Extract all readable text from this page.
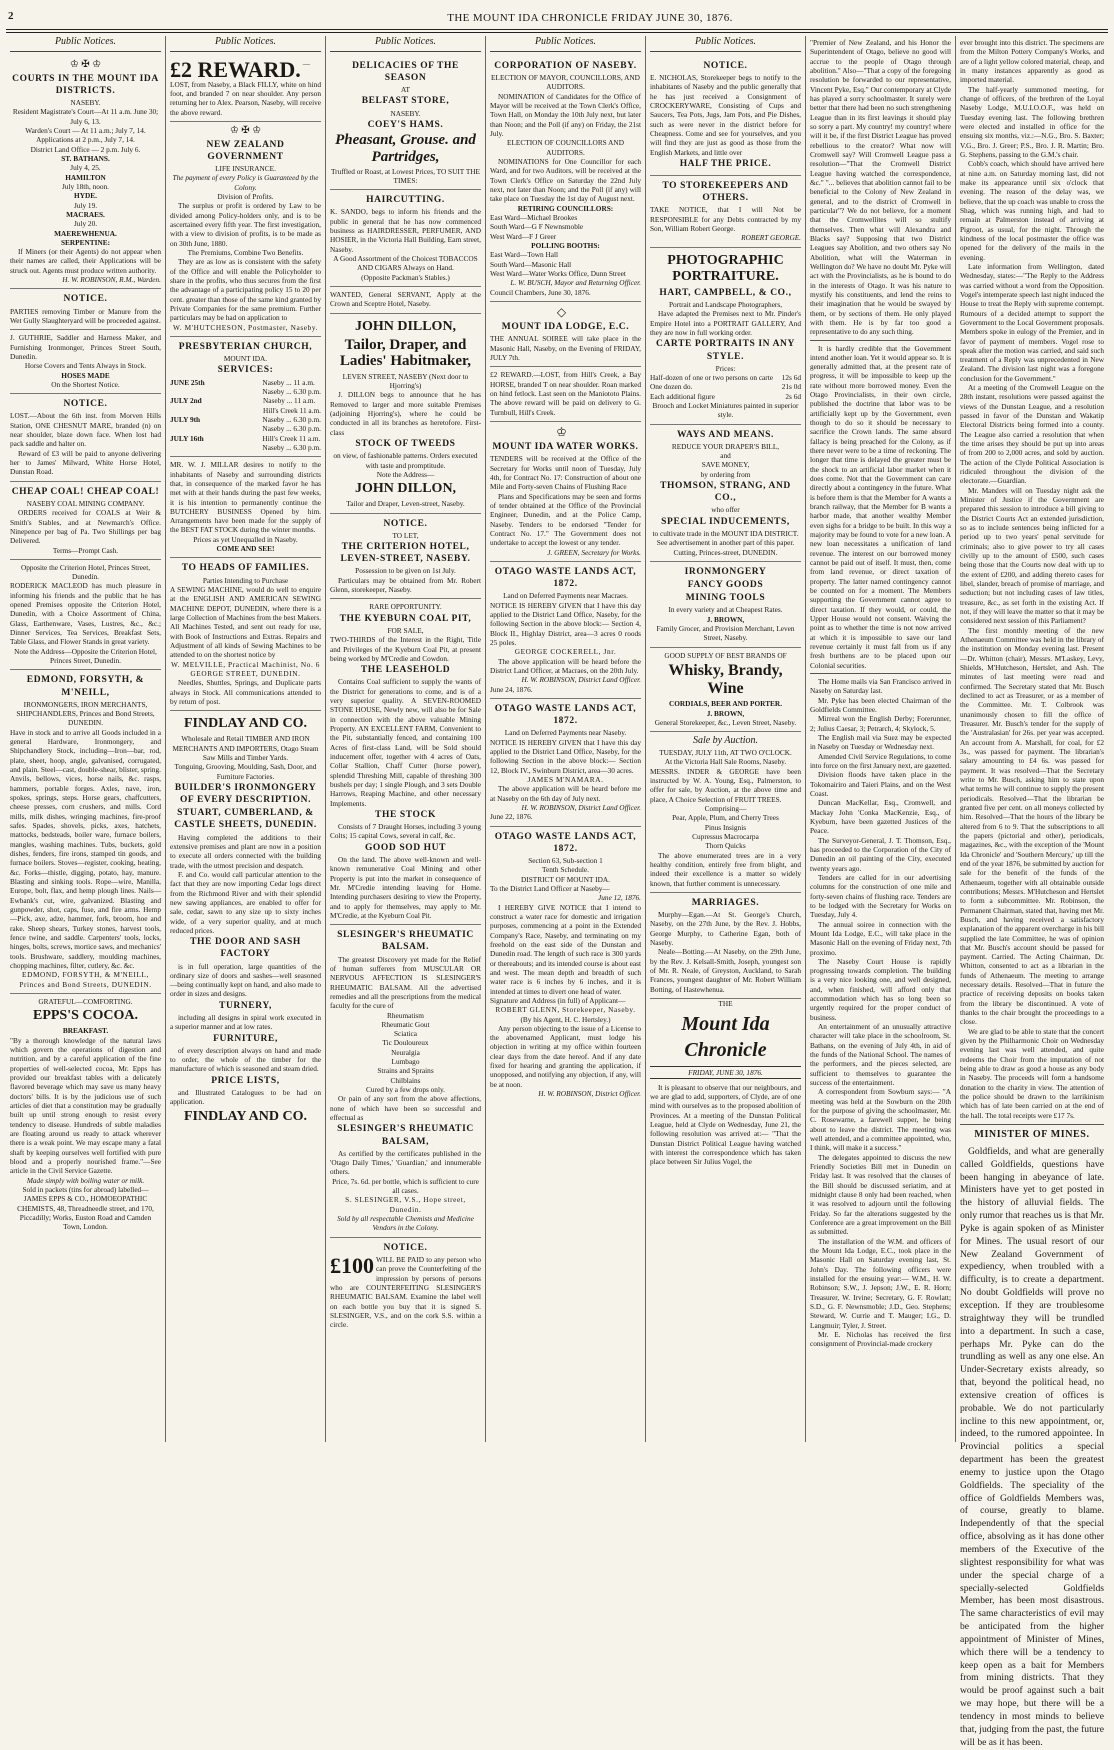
2	THE MOUNT IDA CHRONICLE FRIDAY JUNE 30, 1876.
Public Notices.
♔ ✠ ♔
COURTS IN THE MOUNT IDA DISTRICTS.
NASEBY.
Resident Magistrate's Court—At 11 a.m. June 30; July 6, 13.
Warden's Court — At 11 a.m.; July 7, 14.
Applications at 2 p.m., July 7, 14.
District Land Office — 2 p.m. July 6.
ST. BATHANS.
July 4, 25.
HAMILTON
July 18th, noon.
HYDE.
July 19.
MACRAES.
July 20.
MAEREWHENUA.
SERPENTINE:

If Miners (or their Agents) do not appear when their names are called, their Applications will be struck out. Agents must produce written authority.

H. W. ROBINSON, R.M., Warden.
NOTICE.

PARTIES removing Timber or Manure from the Wet Gully Slaughteryard will be proceeded against.

J. GUTHRIE, Saddler and Harness Maker, and Furnishing Ironmonger, Princes Street South, Dunedin.

Horse Covers and Tents Always in Stock.
HOSES MADE
On the Shortest Notice.
NOTICE.

LOST.—About the 6th inst. from Morven Hills Station, ONE CHESNUT MARE, branded (n) on near shoulder, blaze down face. When lost had pack saddle and halter on.

Reward of £3 will be paid to anyone delivering her to James' Milward, White Horse Hotel, Dunstan Road.

CHEAP COAL! CHEAP COAL!
NASEBY COAL MINING COMPANY.

ORDERS received for COALS at Weir & Smith's Stables, and at Newmarch's Office. Ninepence per bag of Pa. Two Shillings per bag Delivered.

Terms—Prompt Cash.
Opposite the Criterion Hotel, Princes Street, Dunedin.

RODERICK MACLEOD has much pleasure in informing his friends and the public that he has opened Premises opposite the Criterion Hotel, Dunedin, with a Choice Assortment of China, Glass, Earthenware, Vases, Lustres, &c., &c.; Dinner Services, Tea Services, Breakfast Sets, Table Glass, and Flower Stands in great variety.

Note the Address—Opposite the Criterion Hotel, Princes Street, Dunedin.
EDMOND, FORSYTH, & M'NEILL,
IRONMONGERS, IRON MERCHANTS, SHIPCHANDLERS, Princes and Bond Streets, DUNEDIN.

Have in stock and to arrive all Goods included in a general Hardware, Ironmongery, and Shipchandlery Stock, including—Iron—bar, rod, plate, sheet, hoop, angle, galvanised, corrugated, and plain. Steel—cast, double-shear, blister, spring. Anvils, bellows, vices, horse nails, &c. rasps, hammers, portable forges. Axles, nave, iron, spokes, springs, steps. Horse gears, chaffcutters, cheese presses, corn crushers, and mills. Cord mills, milk dishes, wringing machines, fire-proof safes. Spades, shovels, picks, axes, hatchets, mattocks, bedsteads, boiler ware, furnace boilers, mangles, washing machines. Tubs, buckets, gold dishes, fenders, fire irons, stamped tin goods, and furnace boilers. Stoves—register, cooking, heating, &c. Forks—thistle, digging, potato, hay, manure. Blasting and sinking tools. Rope—wire, Manilla, Europe, bolt, flax, and hemp plough lines. Nails—Ewbank's cut, wire, galvanized. Blasting and gunpowder, shot, caps, fuse, and fire arms. Hemp—Pick, axe, adze, hammer, fork, broom, hoe and rake. Sheep shears, Turkey stones, harvest tools, fence twine, and saddle. Carpenters' tools, locks, hinges, bolts, screws, mortice saws, and mechanics' tools. Brushware, saddlery, moulding machines, chopping machines, filter, cutlery, &c. &c.

EDMOND, FORSYTH, & M'NEILL, Princes and Bond Streets, DUNEDIN.
GRATEFUL—COMFORTING.
EPPS'S COCOA.
BREAKFAST.

"By a thorough knowledge of the natural laws which govern the operations of digestion and nutrition, and by a careful application of the fine properties of well-selected cocoa, Mr. Epps has provided our breakfast tables with a delicately flavored beverage which may save us many heavy doctors' bills. It is by the judicious use of such articles of diet that a constitution may be gradually built up until strong enough to resist every tendency to disease. Hundreds of subtle maladies are floating around us ready to attack wherever there is a weak point. We may escape many a fatal shaft by keeping ourselves well fortified with pure blood and a properly nourished frame."—See article in the Civil Service Gazette.

Made simply with boiling water or milk.
Sold in packets (tins for abroad) labelled—
JAMES EPPS & CO., HOMOEOPATHIC CHEMISTS, 48, Threadneedle street, and 170, Piccadilly; Works, Euston Road and Camden Town, London.
Public Notices.
£2 REWARD. — LOST, from Naseby, a Black FILLY, white on hind foot, and branded 7 on near shoulder. Any person returning her to Alex. Pearson, Naseby, will receive the above reward.

♔ ✠ ♔
NEW ZEALAND GOVERNMENT
LIFE INSURANCE.
The payment of every Policy is Guaranteed by the Colony.
Division of Profits.

The surplus or profit is ordered by Law to be divided among Policy-holders only, and is to be ascertained every fifth year. The first investigation, with a view to division of profits, is to be made as on 30th June, 1880.

The Premiums, Combine Two Benefits.

They are as low as is consistent with the safety of the Office and will enable the Policyholder to share in the profits, who thus secures from the first the advantage of a participating policy 15 to 20 per cent. greater than those of the same kind granted by Private Companies for the same premium. Further particulars may be had on application to

W. M'HUTCHESON, Postmaster, Naseby.
PRESBYTERIAN CHURCH,
MOUNT IDA.
SERVICES:
JUNE 25th	Naseby ... 11 a.m.
Naseby ... 6.30 p.m.
JULY 2nd	Naseby ... 11 a.m.
Hill's Creek 11 a.m.
JULY 9th	Naseby ... 6.30 p.m.
Naseby ... 6.30 p.m.
JULY 16th	Hill's Creek 11 a.m.
Naseby ... 6.30 p.m.

MR. W. J. MILLAR desires to notify to the inhabitants of Naseby and surrounding districts that, in consequence of the marked favor he has met with at their hands during the past few weeks, it is his intention to permanently continue the BUTCHERY BUSINESS Opened by him. Arrangements have been made for the supply of the BEST FAT STOCK during the winter months.

Prices as yet Unequalled in Naseby.
COME AND SEE!
TO HEADS OF FAMILIES.
Parties Intending to Purchase

A SEWING MACHINE, would do well to enquire at the ENGLISH AND AMERICAN SEWING MACHINE DEPOT, DUNEDIN, where there is a large Collection of Machines from the best Makers. All Machines Tested, and sent out ready for use, with Book of Instructions and Extras. Repairs and Adjustment of all kinds of Sewing Machines to be attended to on the shortest notice by

W. MELVILLE, Practical Machinist, No. 6 GEORGE STREET, DUNEDIN.

Needles, Shuttles, Springs, and Duplicate parts always in Stock. All communications attended to by return of post.

FINDLAY AND CO.
Wholesale and Retail TIMBER AND IRON MERCHANTS AND IMPORTERS, Otago Steam Saw Mills and Timber Yards.
Tonguing, Grooving, Moulding, Sash, Door, and Furniture Factories.
BUILDER'S IRONMONGERY OF EVERY DESCRIPTION.
STUART, CUMBERLAND, & CASTLE SHEETS, DUNEDIN.

Having completed the additions to their extensive premises and plant are now in a position to execute all orders connected with the building trade, with the utmost precision and despatch.

F. and Co. would call particular attention to the fact that they are now importing Cedar logs direct from the Richmond River and with their splendid new sawing appliances, are enabled to offer for sale, cedar, sawn to any size up to sixty inches wide, of a very superior quality, and at much reduced prices.

THE DOOR AND SASH FACTORY

is in full operation, large quantities of the ordinary size of doors and sashes—well seasoned—being continually kept on hand, and also made to order in sizes and designs.

TURNERY,

including all designs in spiral work executed in a superior manner and at low rates.

FURNITURE,

of every description always on hand and made to order, the whole of the timber for the manufacture of which is seasoned and steam dried.

PRICE LISTS,

and Illustrated Catalogues to be had on application.

FINDLAY AND CO.
Public Notices.
DELICACIES OF THE SEASON
AT
BELFAST STORE,
NASEBY.
COEY'S HAMS.
Pheasant, Grouse. and Partridges,
Truffled or Roast, at Lowest Prices, TO SUIT THE TIMES:
HAIRCUTTING.

K. SANDO, begs to inform his friends and the public in general that he has now commenced business as HAIRDRESSER, PERFUMER, AND HOSIER, in the Victoria Hall Building, Earn street, Naseby.

A Good Assortment of the Choicest TOBACCOS AND CIGARS Always on Hand.
(Opposite Packman's Stables.)

WANTED, General SERVANT, Apply at the Crown and Sceptre Hotel, Naseby.

JOHN DILLON,
Tailor, Draper, and Ladies' Habitmaker,
LEVEN STREET, NASEBY (Next door to Hjorring's)

J. DILLON begs to announce that he has Removed to larger and more suitable Premises (adjoining Hjorring's), where he could be conducted in all its branches as heretofore. First-class

STOCK OF TWEEDS
on view, of fashionable patterns. Orders executed with taste and promptitude.
Note the Address—
JOHN DILLON,
Tailor and Draper, Leven-street, Naseby.
NOTICE.
TO LET,
THE CRITERION HOTEL, LEVEN-STREET, NASEBY.
Possession to be given on 1st July.

Particulars may be obtained from Mr. Robert Glenn, storekeeper, Naseby.

RARE OPPORTUNITY.
THE KYEBURN COAL PIT,
FOR SALE,

TWO-THIRDS of the Interest in the Right, Title and Privileges of the Kyeburn Coal Pit, at present being worked by M'Credie and Cowdon.

THE LEASEHOLD

Contains Coal sufficient to supply the wants of the District for generations to come, and is of a very superior quality. A SEVEN-ROOMED STONE HOUSE, Newly new, will also be for Sale in connection with the above valuable Mining Property. AN EXCELLENT FARM, Convenient to the Pit, substantially fenced, and containing 100 Acres of first-class Land, will be Sold should inducement offer, together with 4 acres of Oats, Collar Stallion, Chaff Cutter (horse power), splendid Threshing Mill, capable of threshing 300 bushels per day; 1 single Plough, and 3 sets Double Harrows, Reaping Machine, and other necessary Implements.

THE STOCK

Consists of 7 Draught Horses, including 3 young Colts; 15 capital Cows, several in calf, &c.

GOOD SOD HUT

On the land. The above well-known and well-known remunerative Coal Mining and other Property is put into the market in consequence of Mr. M'Credie intending leaving for Home. Intending purchasers desiring to view the Property, and to apply for themselves, may apply to Mr. M'Credie, at the Kyeburn Coal Pit.

SLESINGER'S RHEUMATIC BALSAM.

The greatest Discovery yet made for the Relief of human sufferers from MUSCULAR OR NERVOUS AFFECTION IS SLESINGER'S RHEUMATIC BALSAM. All the advertised remedies and all the prescriptions from the medical faculty for the cure of

Rheumatism
Rheumatic Gout
Sciatica
Tic Douloureux
Neuralgia
Lumbago
Strains and Sprains
Chilblains
Cured by a few drops only.

Or pain of any sort from the above affections, none of which have been so successful and effectual as

SLESINGER'S RHEUMATIC BALSAM,

As certified by the certificates published in the 'Otago Daily Times,' 'Guardian,' and innumerable others.

Price, 7s. 6d. per bottle, which is sufficient to cure all cases.
S. SLESINGER, V.S., Hope street, Dunedin.
Sold by all respectable Chemists and Medicine Vendors in the Colony.
NOTICE.
£100 WILL BE PAID to any person who can prove the Counterfeiting of the impression by persons of persons who are COUNTERFEITING SLESINGER'S RHEUMATIC BALSAM. Examine the label well on each bottle you buy that it is signed S. SLESINGER, V.S., and on the cork S.S. within a circle.

Public Notices.
CORPORATION OF NASEBY.
ELECTION OF MAYOR, COUNCILLORS, AND AUDITORS.

NOMINATION of Candidates for the Office of Mayor will be received at the Town Clerk's Office, Town Hall, on Monday the 10th July next, but later than Noon; and the Poll (if any) on Friday, the 21st July.

ELECTION OF COUNCILLORS AND AUDITORS.

NOMINATIONS for One Councillor for each Ward, and for two Auditors, will be received at the Town Clerk's Office on Saturday the 22nd July next, not later than Noon; and the Poll (if any) will take place on Tuesday the 1st day of August next.

RETIRING COUNCILLORS:
East Ward—Michael Brookes
South Ward—G F Newnsmoble
West Ward—F J Greer
POLLING BOOTHS:
East Ward—Town Hall
South Ward—Masonic Hall
West Ward—Water Works Office, Dunn Street
L. W. BUSCH, Mayor and Returning Officer.
Council Chambers, June 30, 1876.
◇
MOUNT IDA LODGE, E.C.

THE ANNUAL SOIREE will take place in the Masonic Hall, Naseby, on the Evening of FRIDAY, JULY 7th.

£2 REWARD.—LOST, from Hill's Creek, a Bay HORSE, branded T on near shoulder. Roan marked on hind fetlock. Last seen on the Maniototo Plains. The above reward will be paid on delivery to G. Turnbull, Hill's Creek.

♔
MOUNT IDA WATER WORKS.

TENDERS will be received at the Office of the Secretary for Works until noon of Tuesday, July 4th, for Contract No. 17: Construction of about one Mile and Forty-seven Chains of Flushing Race

Plans and Specifications may be seen and forms of tender obtained at the Office of the Provincial Engineer, Dunedin, and at the Police Camp, Naseby. Tenders to be endorsed "Tender for Contract No. 17." The Government does not undertake to accept the lowest or any tender.

J. GREEN, Secretary for Works.
OTAGO WASTE LANDS ACT, 1872.
Land on Deferred Payments near Macraes.

NOTICE IS HEREBY GIVEN that I have this day applied to the District Land Office, Naseby, for the following Section in the above block:— Section 4, Block II., Highlay District, area—3 acres 0 roods 25 poles.

GEORGE COCKERELL, Jnr.

The above application will be heard before the District Land Officer, at Macraes, on the 20th July.

H. W. ROBINSON, District Land Officer.
June 24, 1876.
OTAGO WASTE LANDS ACT, 1872.
Land on Deferred Payments near Naseby.

NOTICE IS HEREBY GIVEN that I have this day applied to the District Land Office, Naseby, for the following Section in the above block:— Section 12, Block IV., Swinburn District, area—30 acres.

JAMES M'NAMARA.

The above application will be heard before me at Naseby on the 6th day of July next.

H. W. ROBINSON, District Land Officer.
June 22, 1876.
OTAGO WASTE LANDS ACT, 1872.
Section 63, Sub-section 1
Tenth Schedule.
DISTRICT OF MOUNT IDA.
To the District Land Officer at Naseby—
June 12, 1876.

I HEREBY GIVE NOTICE that I intend to construct a water race for domestic and irrigation purposes, commencing at a point in the Extended Company's Race, Naseby, and terminating on my freehold on the east side of the Dunstan and Dunedin road. The length of such race is 300 yards or thereabouts; and its intended course is about east and west. The mean depth and breadth of such water race is 6 inches by 6 inches, and it is intended at times to divert one head of water.

Signature and Address (in full) of Applicant—
ROBERT GLENN, Storekeeper, Naseby.
(By his Agent, H. C. Hertsley.)

Any person objecting to the issue of a License to the abovenamed Applicant, must lodge his objection in writing at my office within fourteen clear days from the date hereof. And if any date fixed for hearing and granting the application, if unopposed, and notifying any objection, if any, will be at noon.

H. W. ROBINSON, District Officer.
Public Notices.
NOTICE.

E. NICHOLAS, Storekeeper begs to notify to the inhabitants of Naseby and the public generally that he has just received a Consignment of CROCKERYWARE, Consisting of Cups and Saucers, Tea Pots, Jugs, Jam Pots, and Pie Dishes, such as were never in the district before for Cheapness. Come and see for yourselves, and you will find they are just as good as those from the English Markets, and little over

HALF THE PRICE.
TO STOREKEEPERS AND OTHERS.

TAKE NOTICE, that I will Not be RESPONSIBLE for any Debts contracted by my Son, William Robert George.

ROBERT GEORGE.
PHOTOGRAPHIC PORTRAITURE.
HART, CAMPBELL, & CO.,
Portrait and Landscape Photographers,

Have adapted the Premises next to Mr. Pinder's Empire Hotel into a PORTRAIT GALLERY, And they are now in full working order.

CARTE PORTRAITS IN ANY STYLE.
Prices:
Half-dozen of one or two persons on carte 12s 6d
One dozen do.	21s 0d
Each additional figure	2s 6d
Brooch and Locket Miniatures painted in superior style.
WAYS AND MEANS.
REDUCE YOUR DRAPER'S BILL,
and
SAVE MONEY,
by ordering from
THOMSON, STRANG, AND CO.,
who offer
SPECIAL INDUCEMENTS,
to cultivate trade in the MOUNT IDA DISTRICT.
See advertisement in another part of this paper.
Cutting, Princes-street, DUNEDIN.
IRONMONGERY
FANCY GOODS
MINING TOOLS
In every variety and at Cheapest Rates.
J. BROWN,
Family Grocer, and Provision Merchant, Leven Street, Naseby.
GOOD SUPPLY OF BEST BRANDS OF
Whisky, Brandy, Wine
CORDIALS, BEER AND PORTER.
J. BROWN,
General Storekeeper, &c., Leven Street, Naseby.
Sale by Auction.
TUESDAY, JULY 11th, AT TWO O'CLOCK.
At the Victoria Hall Sale Rooms, Naseby.

MESSRS. INDER & GEORGE have been instructed by W. A. Young, Esq., Palmerston, to offer for sale, by Auction, at the above time and place, A Choice Selection of FRUIT TREES.

Comprising—
Pear, Apple, Plum, and Cherry Trees
Pinus Insignis
Cupressus Macrocarpa
Thorn Quicks

The above enumerated trees are in a very healthy condition, entirely free from blight, and indeed their excellence is a matter so widely known, that further comment is unnecessary.

MARRIAGES.

Murphy—Egan.—At St. George's Church, Naseby, on the 27th June, by the Rev. J. Hobbs, George Murphy, to Catherine Egan, both of Naseby.

Neale—Botting.—At Naseby, on the 29th June, by the Rev. J. Kelsall-Smith, Joseph, youngest son of Mr. R. Neale, of Greyston, Auckland, to Sarah Frances, youngest daughter of Mr. Robert William Botting, of Hastewhenua.

THE
Mount Ida Chronicle
FRIDAY, JUNE 30, 1876.

It is pleasant to observe that our neighbours, and we are glad to add, supporters, of Clyde, are of one mind with ourselves as to the proposed abolition of Provinces. At a meeting of the Dunstan Political League, held at Clyde on Wednesday, June 21, the following resolution was arrived at:— "That the Dunstan District Political League having watched with interest the correspondence which has taken place between Sir Julius Vogel, the

"Premier of New Zealand, and his Honor the Superintendent of Otago, believe no good will accrue to the people of Otago through abolition." Also—"That a copy of the foregoing resolution be forwarded to our representative, Vincent Pyke, Esq." Our contemporary at Clyde has played a sorry schoolmaster. It surely were better that there had been no such strengthening League than in its first leavings it should play so sorry a part. My country! my country! where will it be, if the first District League has proved rebellious to the creator? What now will Cromwell say? Will Cromwell League pass a resolution—"That the Cromwell District League having watched the correspondence, &c." "... believes that abolition cannot fail to be beneficial to the Colony of New Zealand in general, and to the district of Cromwell in particular"? We do not believe, for a moment that the Cromwellites will so stultify themselves. Then what will Alexandra and Blacks say? Supposing that two District Leagues say Abolition, and two others say No Abolition, what will the Waterman in Wellington do? We have no doubt Mr. Pyke will act with the Provincialists, as he is bound to do in the interests of Otago. It was his nature to mystify his constituents, and lend the reins to their imagination that he would be swayed by them, or by sections of them. He only played with them. He is by far too good a representative to do any such thing.

It is hardly credible that the Government intend another loan. Yet it would appear so. It is generally admitted that, at the present rate of progress, it will be impossible to keep up the rate without more borrowed money. Even the Otago Provincialists, in their own circle, published the doctrine that labor was to be artificially kept up by the Government, even though to do so it should be necessary to sacrifice the Crown lands. The same absurd fallacy is being preached for the Colony, as if there never were to be a time of reckoning. The longer that time is delayed the greater must be the shock to an artificial labor market when it does come. Not that the Government can care directly about a contingency in the future. What is before them is that the Member for A wants a branch railway, that the Member for B wants a harbor made, that another wealthy Member even sighs for a bridge to be built. In this way a majority may be found to vote for a new loan. A new loan necessitates a unification of land revenue. The interest on our borrowed money cannot be paid out of itself. It must, then, come from land revenue, or direct taxation of property. The latter named contingency cannot be counted on for a moment. The Members supporting the Government cannot agree to direct taxation. If they would, or could, the Upper House would not consent. Waiving the point as to whether the time is not now arrived at which it is impossible to save our land revenue certainly it must fall from us if any fresh burthens are to be placed upon our Colonial securities.

The Home mails via San Francisco arrived in Naseby on Saturday last.

Mr. Pyke has been elected Chairman of the Goldfields Committee.

Mirreal won the English Derby; Forerunner, 2; Julius Caesar, 3; Petrarch, 4; Skylock, 5.

The English mail via Suez may be expected in Naseby on Tuesday or Wednesday next.

Amended Civil Service Regulations, to come into force on the first January next, are gazetted.

Division floods have taken place in the Tokomairiro and Taieri Plains, and on the West Coast.

Duncan MacKellar, Esq., Cromwell, and Mackay John 'Conka MacKenzie, Esq., of Kyeburn, have been gazetted Justices of the Peace.

The Surveyor-General, J. T. Thomson, Esq., has proceeded to the Corporation of the City of Dunedin an oil painting of the City, executed twenty years ago.

Tenders are called for in our advertising columns for the construction of one mile and forty-seven chains of flushing race. Tenders are to be lodged with the Secretary for Works on Tuesday, July 4.

The annual soiree in connection with the Mount Ida Lodge, E.C., will take place in the Masonic Hall on the evening of Friday next, 7th proximo.

The Naseby Court House is rapidly progressing towards completion. The building is a very nice looking one, and well designed, and, when finished, will afford only that accommodation which has so long been so urgently required for the proper conduct of business.

An entertainment of an unusually attractive character will take place in the schoolroom, St. Bathans, on the evening of July 4th, in aid of the funds of the National School. The names of the performers, and the pieces selected, are sufficient to themselves to guarantee the success of the entertainment.

A correspondent from Sowburn says:— "A meeting was held at the Sowburn on the 20th for the purpose of giving the schoolmaster, Mr. C. Rosewarne, a farewell supper, he being about to leave the district. The meeting was well attended, and a committee appointed, who, I think, will make it a success."

The delegates appointed to discuss the new Friendly Societies Bill met in Dunedin on Friday last. It was resolved that the clauses of the Bill should be discussed seriatim, and at midnight clause 8 only had been reached, when it was resolved to adjourn until the following Friday. So far the alterations suggested by the Conference are a great improvement on the Bill as submitted.

The installation of the W.M. and officers of the Mount Ida Lodge, E.C., took place in the Masonic Hall on Saturday evening last, St. John's Day. The following officers were installed for the ensuing year:— W.M., H. W. Robinson; S.W., J. Jepson; J.W., E. R. Horn; Treasurer, W. Irvine; Secretary, G. F. Rowlatt; S.D., G. F. Newnsmoble; J.D., Geo. Stephens; Steward, W. Currie and T. Mauger; I.G., D. Langmuir; Tyler, J. Street.

Mr. E. Nicholas has received the first consignment of Provincial-made crockery

ever brought into this district. The specimens are from the Milton Pottery Company's Works, and are of a light yellow colored material, cheap, and in many instances apparently as good as imported material.

The half-yearly summoned meeting, for change of officers, of the brethren of the Loyal Naseby Lodge, M.U.I.O.O.F., was held on Tuesday evening last. The following brethren were elected and installed in office for the ensuing six months, viz.:—N.G., Bro. S. Baxter; V.G., Bro. J. Greer; P.S., Bro. J. R. Martin; Bro. G. Stephens, passing to the G.M.'s chair.

Cobb's coach, which should have arrived here at nine a.m. on Saturday morning last, did not make its appearance until six o'clock that evening. The reason of the delay was, we believe, that the up coach was unable to cross the Shag, which was running high, and had to remain at Palmerston instead of arriving at Pigroot, as usual, for the night. Through the kindness of the local postmaster the office was opened for the delivery of the mails in the evening.

Late information from Wellington, dated Wednesday, states:—"The Reply to the Address was carried without a word from the Opposition. Vogel's intemperate speech last night induced the House to treat the Reply with supreme contempt. Rumours of a decided attempt to support the Government to the Local Government proposals. Members spoke in eulogy of the Premier, and in favor of payment of members. Vogel rose to speak after the motion was carried, and said such treatment of a Reply was unprecedented in New Zealand. The division last night was a foregone conclusion for the Government."

At a meeting of the Cromwell League on the 28th instant, resolutions were passed against the views of the Dunstan League, and a resolution passed in favor of the Dunstan and Wakatip Electoral Districts being formed into a county. The League also carried a resolution that when the time arises they should be put up into areas of from 200 to 2,000 acres, and sold by auction. The action of the Clyde Political Association is ridiculed throughout the division of the electorate.—Guardian.

Mr. Manders will on Tuesday night ask the Minister of Justice if the Government are prepared this session to introduce a bill giving to the District Courts Act an extended jurisdiction, so as to include sentences being inflicted for a period up to two years' penal servitude for criminals; also to give power to try all cases civilly up to the amount of £500, such cases being those that the Courts now deal with up to the extent of £200, and adding thereto cases for libel, slander, breach of promise of marriage, and seduction; but not including cases of law titles, treasure, &c., as set forth in the existing Act. If not, if they will leave the matter so that it may be considered next session of this Parliament?

The first monthly meeting of the new Athenaeum Committee was held in the library of the institution on Monday evening last. Present—Dr. Whitton (chair), Messrs. M'Laskey, Levy, Shields, M'Hutcheson, Hertslet, and Ash. The minutes of last meeting were read and confirmed. The Secretary stated that Mr. Busch declined to act as Treasurer, or as a member of the Committee. Mr. T. Colbrook was unanimously chosen to fill the office of Treasurer. Mr. Busch's tender for the supply of the 'Australasian' for 26s. per year was accepted. An account from A. Marshall, for coal, for £2 3s., was passed for payment. The librarian's salary amounting to £4 6s. was passed for payment. It was resolved—That the Secretary write to Mr. Busch, asking him to state upon what terms he will continue to supply the present periodicals. Resolved—That the librarian be granted five per cent. on all moneys collected by him. Resolved—That the hours of the library be altered from 6 to 9. That the subscriptions to all the papers (pictorial and other), periodicals, magazines, &c., with the exception of the 'Mount Ida Chronicle' and 'Southern Mercury,' up till the end of the year 1876, be submitted by auction for sale for the benefit of the funds of the Athenaeum, together with all obtainable outside contributions; Messrs. M'Hutcheson and Hertslet to form a subcommittee. Mr. Robinson, the Permanent Chairman, stated that, having met Mr. Busch, and having received a satisfactory explanation of the apparent overcharge in his bill supplied the late Committee, he was of opinion that Mr. Busch's account should be passed for payment. Carried. The Acting Chairman, Dr. Whitton, consented to act as a librarian in the funds of Athenaeum. The meeting to arrange necessary details. Resolved—That in future the practice of receiving deposits on books taken from the library be discontinued. A vote of thanks to the chair brought the proceedings to a close.

We are glad to be able to state that the concert given by the Philharmonic Choir on Wednesday evening last was well attended, and quite redeems the Choir from the imputation of not being able to draw as good a house as any body in Naseby. The proceeds will form a handsome donation to the charity in view. The attention of the police should be drawn to the larrikinism which has of late been carried on at the end of the hall. The total receipts were £17 7s.

MINISTER OF MINES.

Goldfields, and what are generally called Goldfields, questions have been hanging in abeyance of late. Ministers have yet to get posted in the history of alluvial fields. The only rumor that reaches us is that Mr. Pyke is again spoken of as Minister for Mines. The usual resort of our New Zealand Government of expediency, when troubled with a difficulty, is to create a department. No doubt Goldfields will prove no exception. If they are troublesome straightway they will be trundled into a department. In such a case, perhaps Mr. Pyke can do the trundling as well as any one else. An Under-Secretary exists already, so that, beyond the political head, no extensive creation of offices is probable. We do not particularly incline to this new appointment, or, indeed, to the rumored appointee. In Provincial politics a special department has been the greatest enemy to justice upon the Otago Goldfields. The speciality of the office of Goldfields Members was, of course, greatly to blame. Independently of that the special office, absolving as it has done other members of the Executive of the slightest responsibility for what was under the special charge of a specially-selected Goldfields Member, has been most disastrous. The same characteristics of evil may be anticipated from the higher appointment of Minister of Mines, which there will be a tendency to keep open as a bait for Members from mining districts. That they would be proof against such a bait we may hope, but there will be a tendency in most minds to believe that, judging from the past, the future will be as it has been.
